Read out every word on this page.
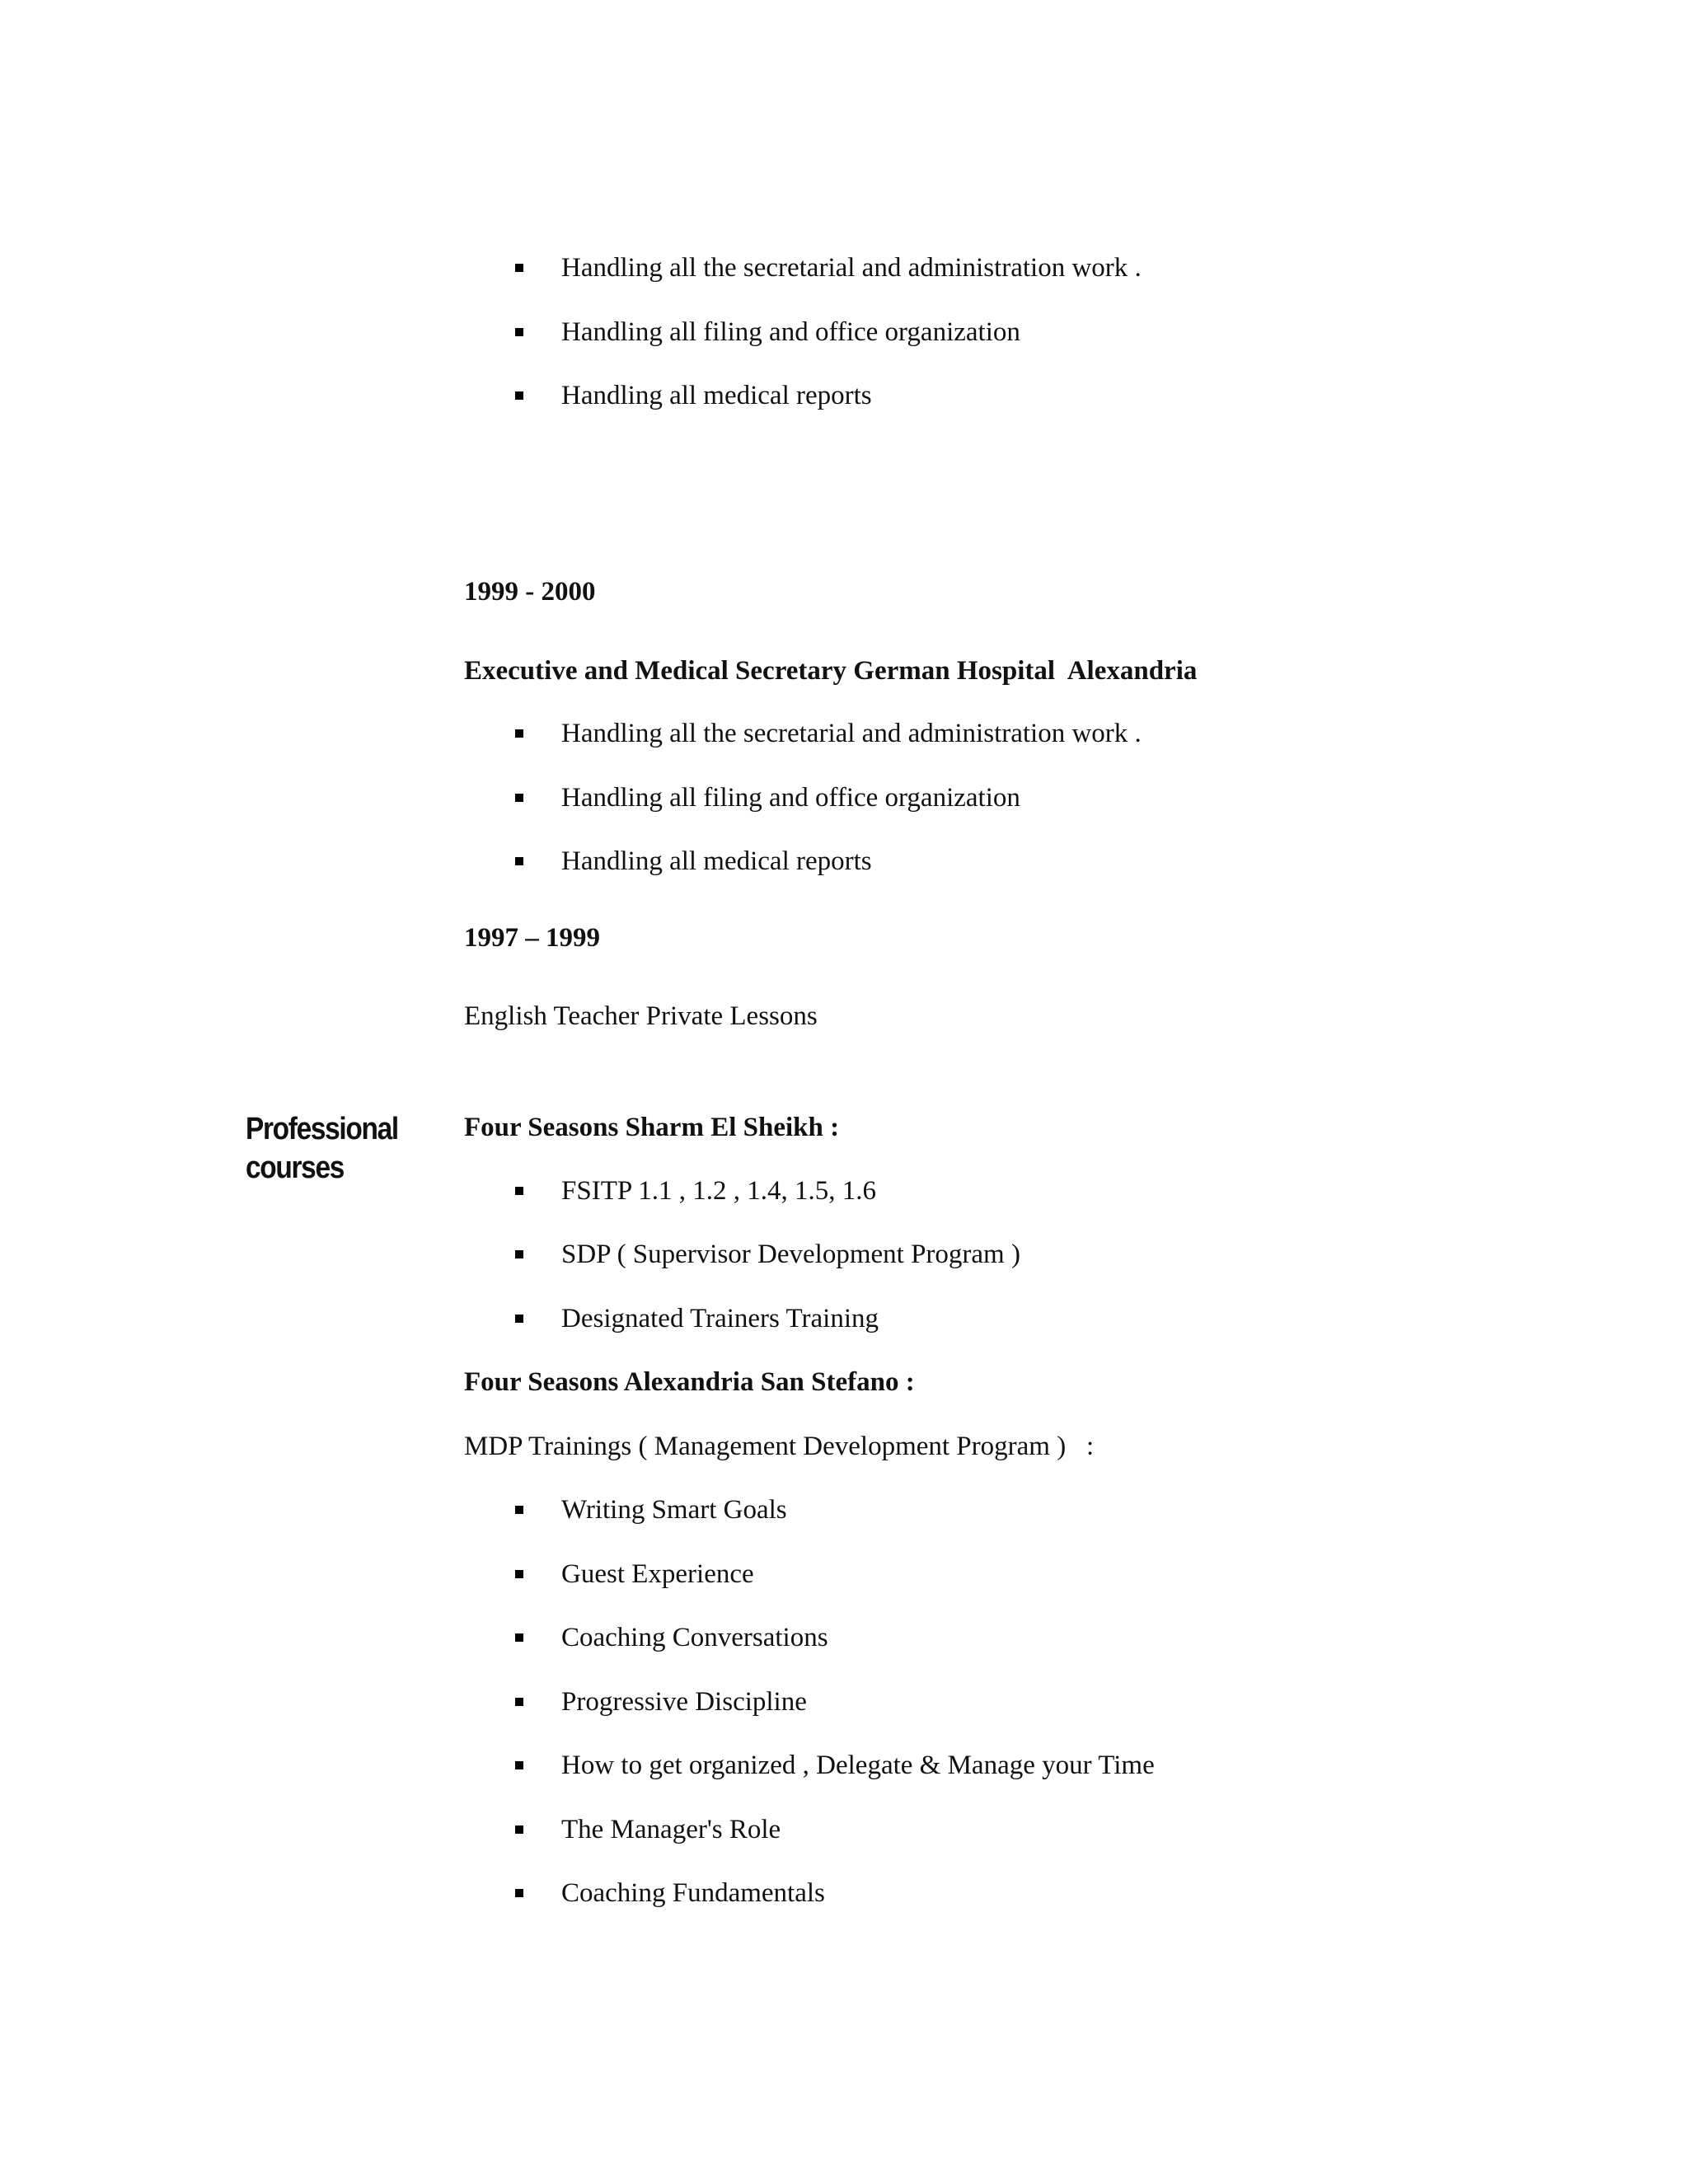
Professional
courses
Handling all the secretarial and administration work .
Handling all filing and office organization
Handling all medical reports
1999 - 2000
Executive and Medical Secretary German Hospital  Alexandria
Handling all the secretarial and administration work .
Handling all filing and office organization
Handling all medical reports
1997 – 1999
English Teacher Private Lessons
Four Seasons Sharm El Sheikh :
FSITP 1.1 , 1.2 , 1.4, 1.5, 1.6
SDP ( Supervisor Development Program )
Designated Trainers Training
Four Seasons Alexandria San Stefano :
MDP Trainings ( Management Development Program )   :
Writing Smart Goals
Guest Experience
Coaching Conversations
Progressive Discipline
How to get organized , Delegate & Manage your Time
The Manager's Role
Coaching Fundamentals
